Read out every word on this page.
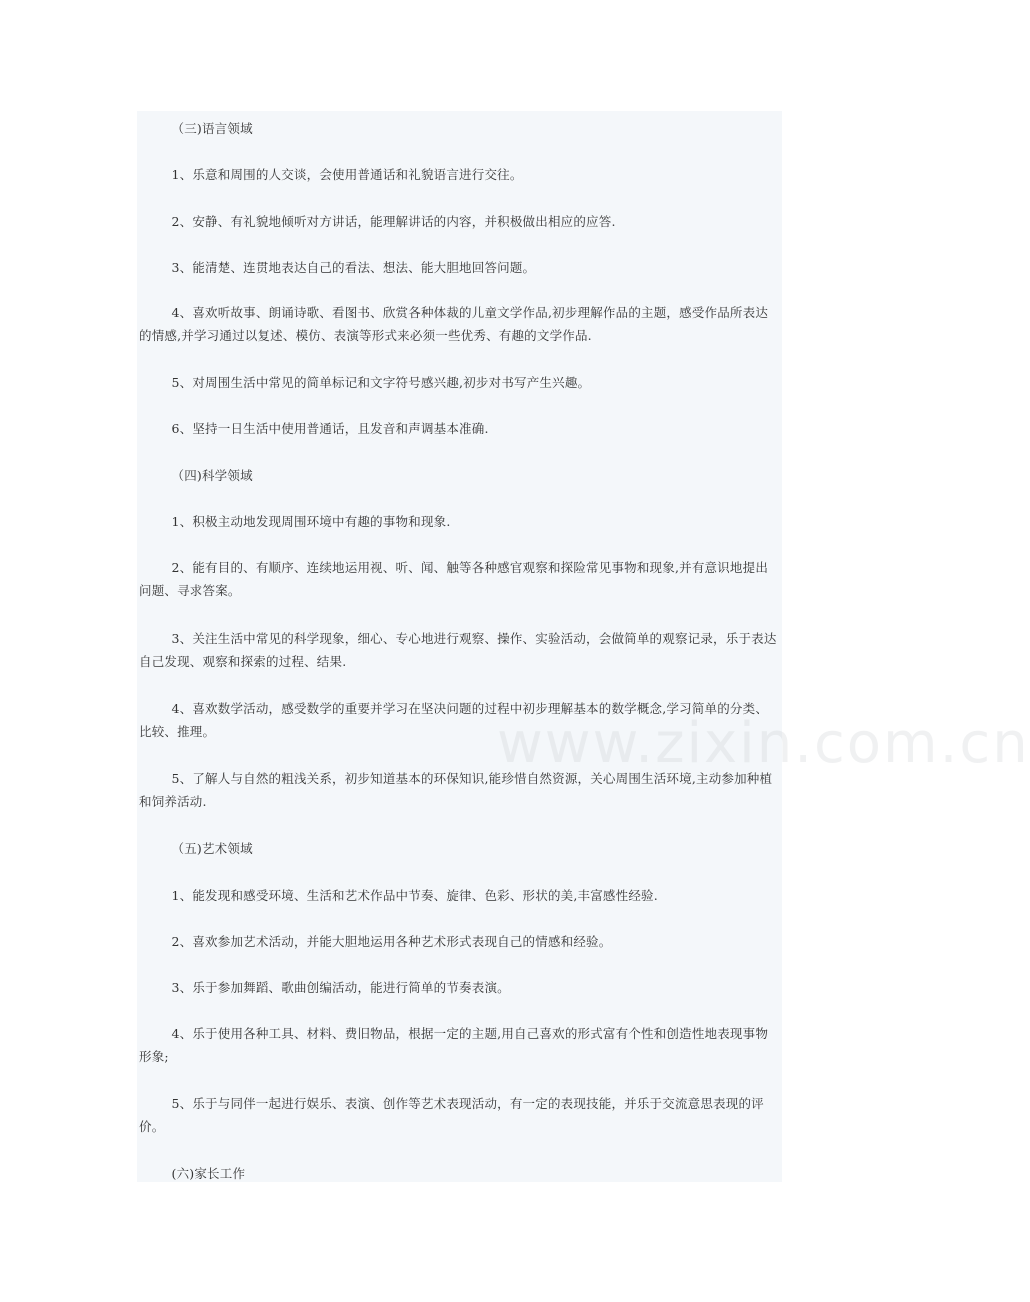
www.zixin.com.cn

（三)语言领域

1、乐意和周围的人交谈，会使用普通话和礼貌语言进行交往。

2、安静、有礼貌地倾听对方讲话，能理解讲话的内容，并积极做出相应的应答.

3、能清楚、连贯地表达自己的看法、想法、能大胆地回答问题。

4、喜欢听故事、朗诵诗歌、看图书、欣赏各种体裁的儿童文学作品,初步理解作品的主题，感受作品所表达的情感,并学习通过以复述、模仿、表演等形式来必须一些优秀、有趣的文学作品.

5、对周围生活中常见的简单标记和文字符号感兴趣,初步对书写产生兴趣。

6、坚持一日生活中使用普通话，且发音和声调基本准确.

（四)科学领域

1、积极主动地发现周围环境中有趣的事物和现象.

2、能有目的、有顺序、连续地运用视、听、闻、触等各种感官观察和探险常见事物和现象,并有意识地提出问题、寻求答案。

3、关注生活中常见的科学现象，细心、专心地进行观察、操作、实验活动，会做简单的观察记录，乐于表达自己发现、观察和探索的过程、结果.

4、喜欢数学活动，感受数学的重要并学习在坚决问题的过程中初步理解基本的数学概念,学习简单的分类、比较、推理。

5、了解人与自然的粗浅关系，初步知道基本的环保知识,能珍惜自然资源，关心周围生活环境,主动参加种植和饲养活动.

（五)艺术领域

1、能发现和感受环境、生活和艺术作品中节奏、旋律、色彩、形状的美,丰富感性经验.

2、喜欢参加艺术活动，并能大胆地运用各种艺术形式表现自己的情感和经验。

3、乐于参加舞蹈、歌曲创编活动，能进行简单的节奏表演。

4、乐于使用各种工具、材料、费旧物品，根据一定的主题,用自己喜欢的形式富有个性和创造性地表现事物形象;

5、乐于与同伴一起进行娱乐、表演、创作等艺术表现活动，有一定的表现技能，并乐于交流意思表现的评价。

(六)家长工作
